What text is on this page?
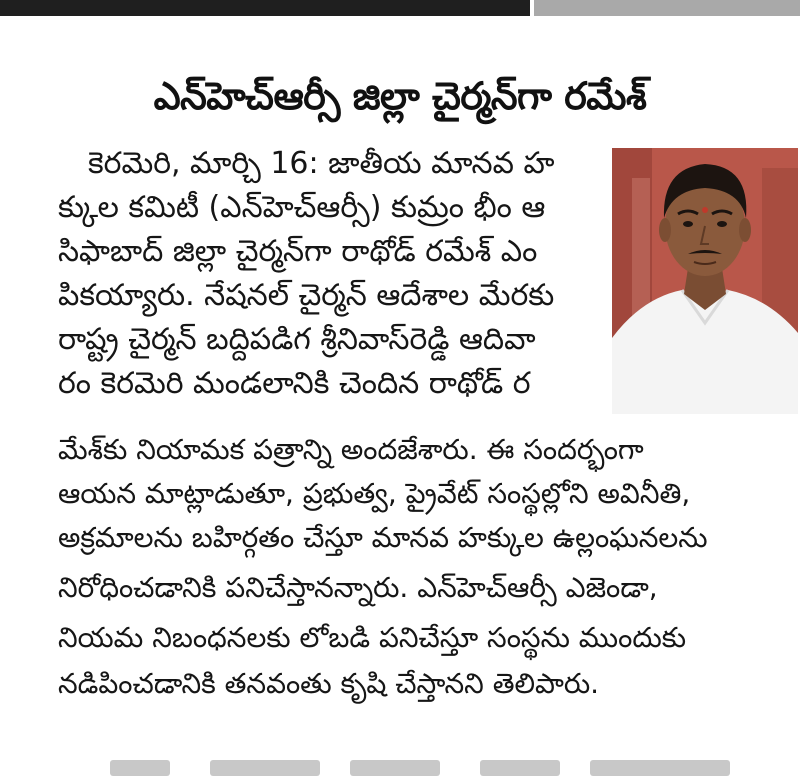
ఎన్‌హెచ్‌ఆర్సీ జిల్లా చైర్మన్‌గా రమేశ్
కెరమెరి, మార్చి 16: జాతీయ మానవ హ
క్కుల కమిటీ (ఎన్‌హెచ్‌ఆర్సీ) కుమ్రం భీం ఆ
సిఫాబాద్ జిల్లా చైర్మన్‌గా రాథోడ్ రమేశ్ ఎం
పికయ్యారు. నేషనల్ చైర్మన్ ఆదేశాల మేరకు
రాష్ట్ర చైర్మన్ బద్దిపడిగ శ్రీనివాస్‌రెడ్డి ఆదివా
రం కెరమెరి మండలానికి చెందిన రాథోడ్ ర
మేశ్‌కు నియామక పత్రాన్ని అందజేశారు. ఈ సందర్భంగా
ఆయన మాట్లాడుతూ, ప్రభుత్వ, ప్రైవేట్ సంస్థల్లోని అవినీతి,
అక్రమాలను బహిర్గతం చేస్తూ మానవ హక్కుల ఉల్లంఘనలను
నిరోధించడానికి పనిచేస్తానన్నారు. ఎన్‌హెచ్‌ఆర్సీ ఎజెండా,
నియమ నిబంధనలకు లోబడి పనిచేస్తూ సంస్థను ముందుకు
నడిపించడానికి తనవంతు కృషి చేస్తానని తెలిపారు.
